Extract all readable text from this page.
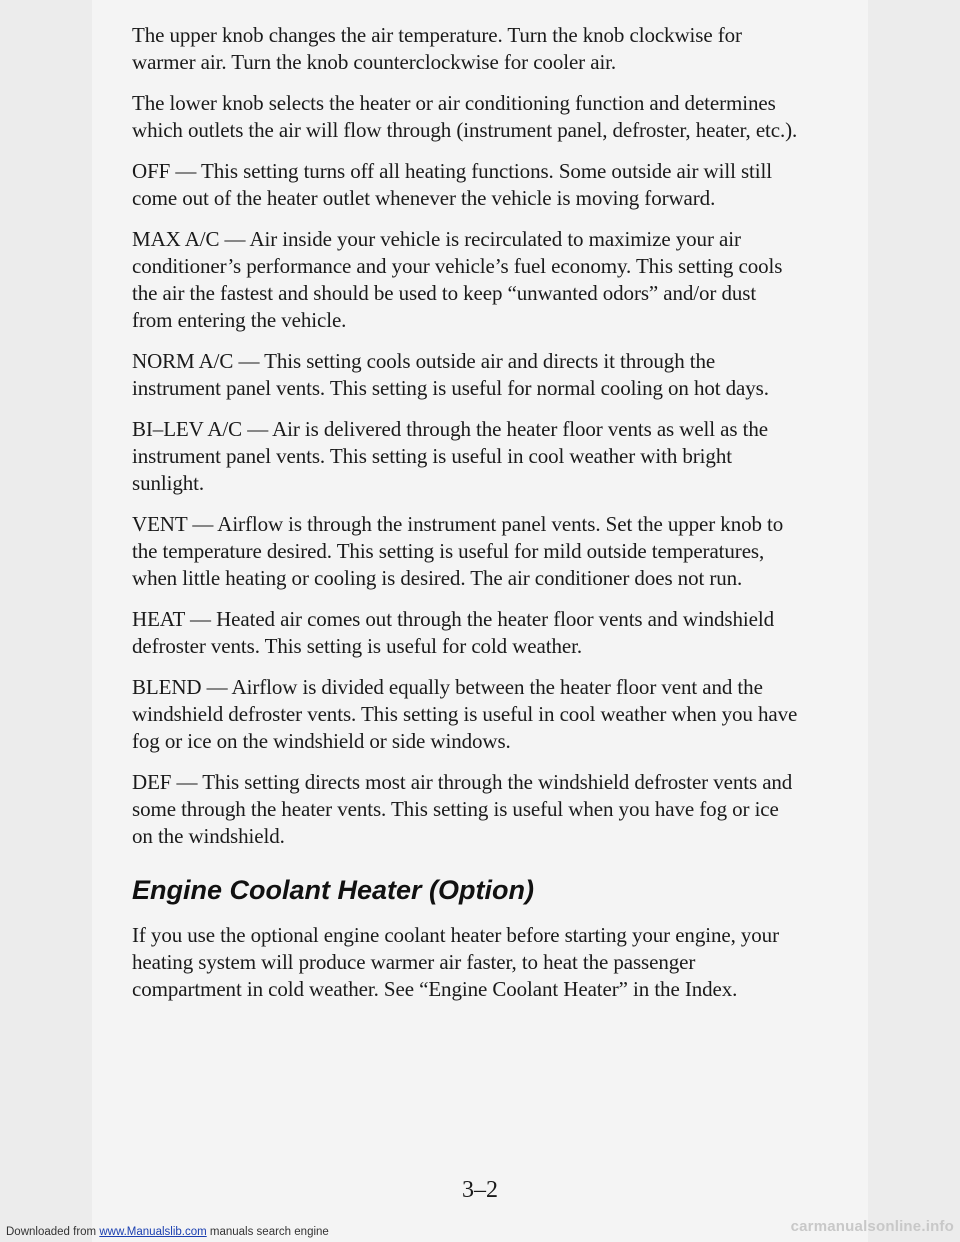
The upper knob changes the air temperature. Turn the knob clockwise for warmer air. Turn the knob counterclockwise for cooler air.

The lower knob selects the heater or air conditioning function and determines which outlets the air will flow through (instrument panel, defroster, heater, etc.).

OFF — This setting turns off all heating functions. Some outside air will still come out of the heater outlet whenever the vehicle is moving forward.

MAX A/C — Air inside your vehicle is recirculated to maximize your air conditioner’s performance and your vehicle’s fuel economy. This setting cools the air the fastest and should be used to keep “unwanted odors” and/or dust from entering the vehicle.

NORM A/C — This setting cools outside air and directs it through the instrument panel vents. This setting is useful for normal cooling on hot days.

BI–LEV A/C — Air is delivered through the heater floor vents as well as the instrument panel vents. This setting is useful in cool weather with bright sunlight.

VENT — Airflow is through the instrument panel vents. Set the upper knob to the temperature desired. This setting is useful for mild outside temperatures, when little heating or cooling is desired. The air conditioner does not run.

HEAT — Heated air comes out through the heater floor vents and windshield defroster vents. This setting is useful for cold weather.

BLEND — Airflow is divided equally between the heater floor vent and the windshield defroster vents. This setting is useful in cool weather when you have fog or ice on the windshield or side windows.

DEF — This setting directs most air through the windshield defroster vents and some through the heater vents. This setting is useful when you have fog or ice on the windshield.

Engine Coolant Heater (Option)

If you use the optional engine coolant heater before starting your engine, your heating system will produce warmer air faster, to heat the passenger compartment in cold weather. See “Engine Coolant Heater” in the Index.

3–2
Downloaded from www.Manualslib.com manuals search engine	carmanualsonline.info
